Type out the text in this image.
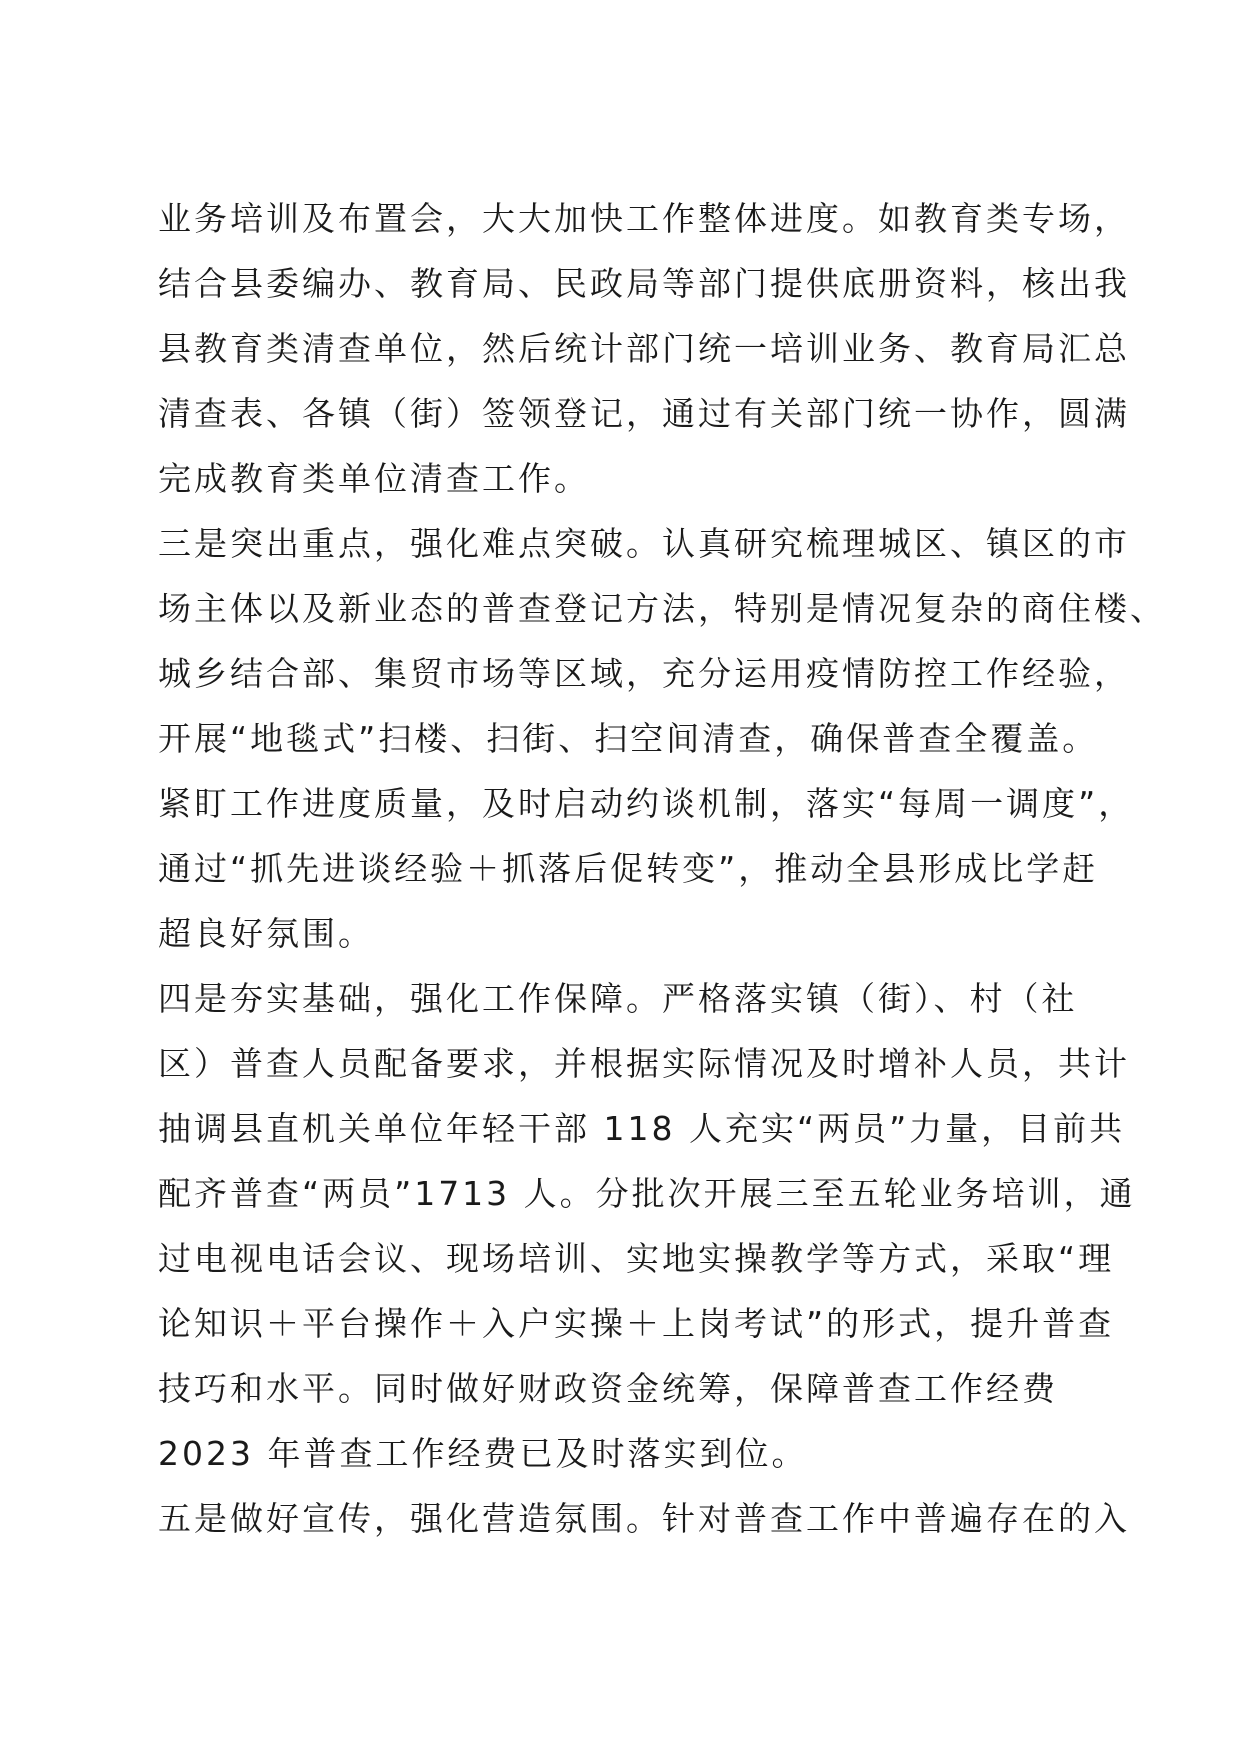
业务培训及布置会，大大加快工作整体进度。如教育类专场，
结合县委编办、教育局、民政局等部门提供底册资料，核出我
县教育类清查单位，然后统计部门统一培训业务、教育局汇总
清查表、各镇（街）签领登记，通过有关部门统一协作，圆满
完成教育类单位清查工作。
三是突出重点，强化难点突破。认真研究梳理城区、镇区的市
场主体以及新业态的普查登记方法，特别是情况复杂的商住楼、
城乡结合部、集贸市场等区域，充分运用疫情防控工作经验，
开展“地毯式”扫楼、扫街、扫空间清查，确保普查全覆盖。
紧盯工作进度质量，及时启动约谈机制，落实“每周一调度”，
通过“抓先进谈经验＋抓落后促转变”，推动全县形成比学赶
超良好氛围。
四是夯实基础，强化工作保障。严格落实镇（街）、村（社
区）普查人员配备要求，并根据实际情况及时增补人员，共计
抽调县直机关单位年轻干部 118 人充实“两员”力量，目前共
配齐普查“两员”1713 人。分批次开展三至五轮业务培训，通
过电视电话会议、现场培训、实地实操教学等方式，采取“理
论知识＋平台操作＋入户实操＋上岗考试”的形式，提升普查
技巧和水平。同时做好财政资金统筹，保障普查工作经费
2023 年普查工作经费已及时落实到位。
五是做好宣传，强化营造氛围。针对普查工作中普遍存在的入
